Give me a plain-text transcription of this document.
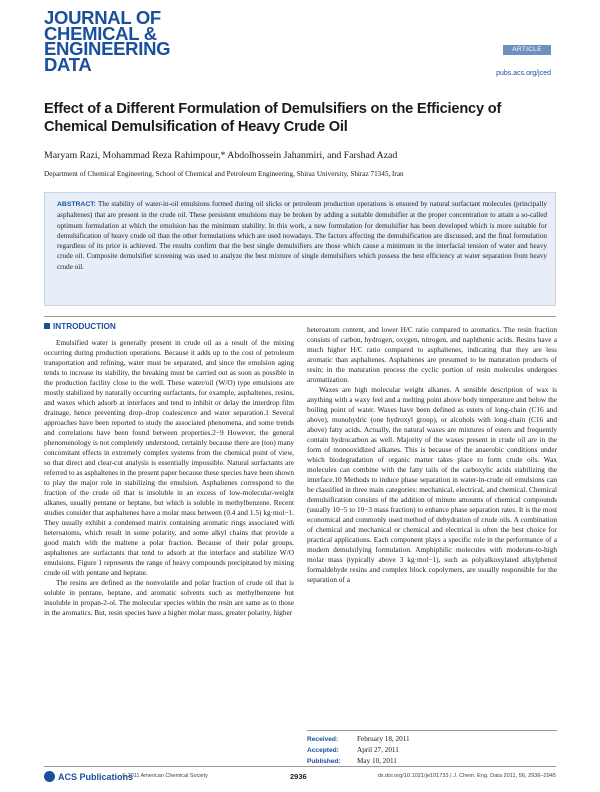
JOURNAL OF
CHEMICAL &
ENGINEERING
DATA
ARTICLE
pubs.acs.org/jced
Effect of a Different Formulation of Demulsifiers on the Efficiency of Chemical Demulsification of Heavy Crude Oil
Maryam Razi, Mohammad Reza Rahimpour,* Abdolhossein Jahanmiri, and Farshad Azad
Department of Chemical Engineering, School of Chemical and Petroleum Engineering, Shiraz University, Shiraz 71345, Iran

ABSTRACT: The stability of water-in-oil emulsions formed during oil slicks or petroleum production operations is ensured by natural surfactant molecules (principally asphaltenes) that are present in the crude oil. These persistent emulsions may be broken by adding a suitable demulsifier at the proper concentration to attain a so-called optimum formulation at which the emulsion has the minimum stability. In this work, a new formulation for demulsifier has been developed which is more suitable for demulsification of heavy crude oil than the other formulations which are used nowadays. The factors affecting the demulsification are discussed, and the final formulation regardless of its price is achieved. The results confirm that the best single demulsifiers are those which cause a minimum in the interfacial tension of water and heavy crude oil. Composite demulsifier screening was used to analyze the best mixture of single demulsifiers which possess the best efficiency at water separation from heavy crude oil.

INTRODUCTION

Emulsified water is generally present in crude oil as a result of the mixing occurring during production operations. Because it adds up to the cost of petroleum transportation and refining, water must be separated, and since the emulsion aging tends to increase its stability, the breaking must be carried out as soon as possible in the production facility close to the well. These water/oil (W/O) type emulsions are mostly stabilized by naturally occurring surfactants, for example, asphaltenes, resins, and waxes which adsorb at interfaces and tend to inhibit or delay the interdrop film drainage, hence preventing drop–drop coalescence and water separation.1 Several approaches have been reported to study the associated phenomena, and some trends and correlations have been found between properties.2−9 However, the general phenomenology is not completely understood, certainly because there are (too) many concomitant effects in extremely complex systems from the chemical point of view, so that direct and clear-cut analysis is essentially impossible. Natural surfactants are referred to as asphaltenes in the present paper because these species have been shown to play the major role in stabilizing the emulsion. Asphaltenes correspond to the fraction of the crude oil that is insoluble in an excess of low-molecular-weight alkanes, usually pentane or heptane, but which is soluble in methylbenzene. Recent studies consider that asphaltenes have a molar mass between (0.4 and 1.5) kg·mol−1. They usually exhibit a condensed matrix containing aromatic rings associated with heteroatoms, which result in some polarity, and some alkyl chains that provide a good match with the maltene a polar fraction. Because of their polar groups, asphaltenes are surfactants that tend to adsorb at the interface and stabilize W/O emulsions. Figure 1 represents the range of heavy compounds precipitated by mixing crude oil with pentane and heptane.

The resins are defined as the nonvolatile and polar fraction of crude oil that is soluble in pentane, heptane, and aromatic solvents such as methylbenzene but insoluble in propan-2-ol. The molecular species within the resin are same as to those in the aromatics. But, resin species have a higher molar mass, greater polarity, higher

heteroatom content, and lower H/C ratio compared to aromatics. The resin fraction consists of carbon, hydrogen, oxygen, nitrogen, and naphthenic acids. Resins have a much higher H/C ratio compared to asphaltenes, indicating that they are less aromatic than asphaltenes. Asphaltenes are presumed to be maturation products of resin; in the maturation process the cyclic portion of resin molecules undergoes aromatization.

Waxes are high molecular weight alkanes. A sensible description of wax is anything with a waxy feel and a melting point above body temperature and below the boiling point of water. Waxes have been defined as esters of long-chain (C16 and above), monohydric (one hydroxyl group), or alcohols with long-chain (C16 and above) fatty acids. Actually, the natural waxes are mixtures of esters and frequently contain hydrocarbon as well. Majority of the waxes present in crude oil are in the form of monooxidized alkanes. This is because of the anaerobic conditions under which biodegradation of organic matter takes place to form crude oils. Wax molecules can combine with the fatty tails of the carboxylic acids stabilizing the interface.10 Methods to induce phase separation in water-in-crude oil emulsions can be classified in three main categories: mechanical, electrical, and chemical. Chemical demulsification consists of the addition of minute amounts of chemical compounds (usually 10−5 to 10−3 mass fraction) to enhance phase separation rates. It is the most economical and commonly used method of dehydration of crude oils. A combination of chemical and mechanical or chemical and electrical is often the best choice for practical applications. Each component plays a specific role in the performance of a modern demulsifying formulation. Amphiphilic molecules with moderate-to-high molar mass (typically above 3 kg·mol−1), such as polyalkoxylated alkylphenol formaldehyde resins and complex block copolymers, are usually responsible for the separation of a

Received:	February 18, 2011
Accepted:	April 27, 2011
Published: May 10, 2011
ACS Publications
© 2011 American Chemical Society	2936	dx.doi.org/10.1021/je101733 | J. Chem. Eng. Data 2011, 56, 2936–2945
